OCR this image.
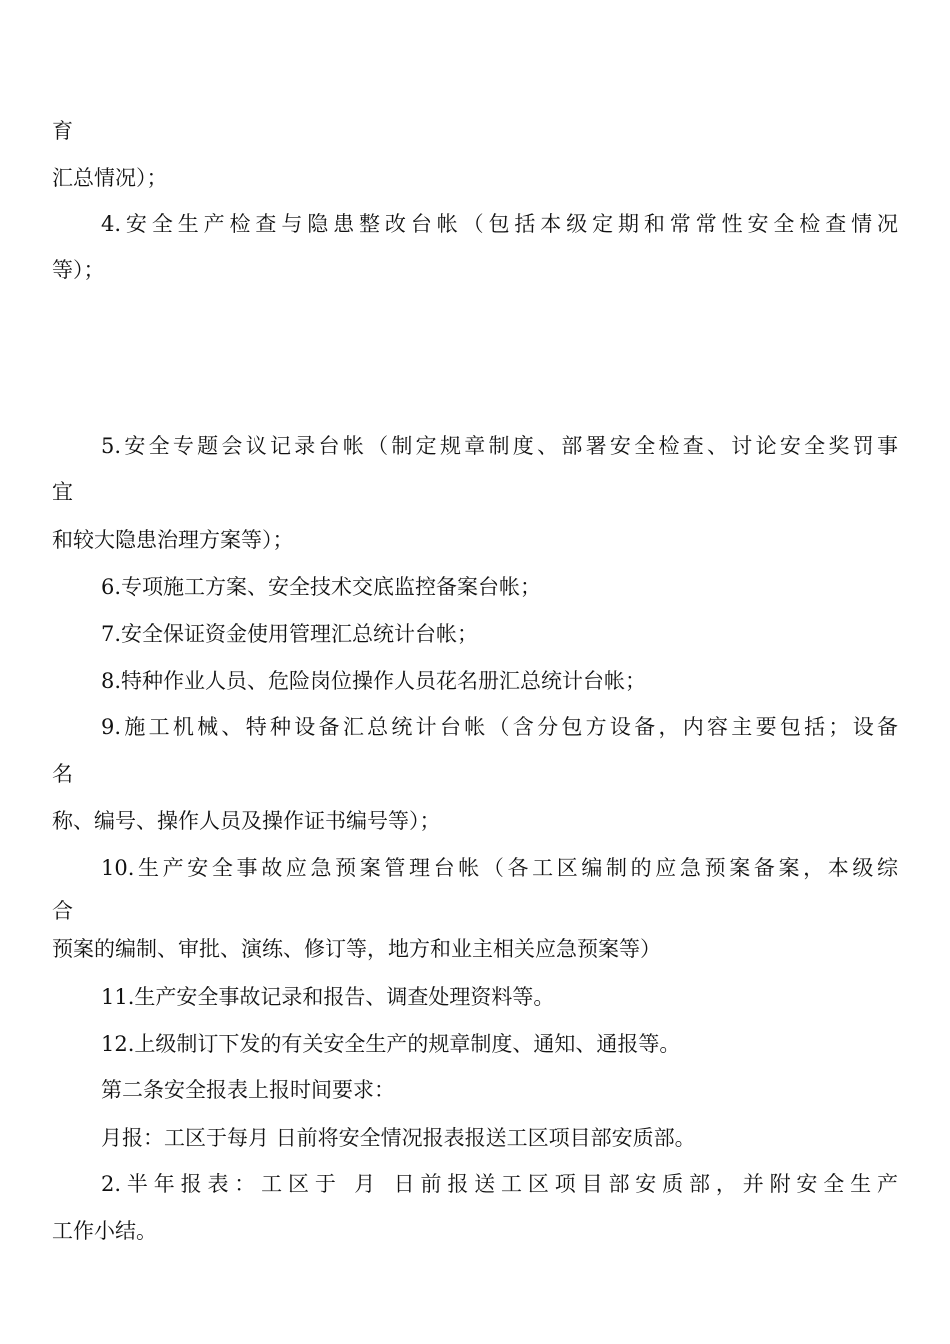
育
汇总情况）；
4.安全生产检查与隐患整改台帐（包括本级定期和常常性安全检查情况
等）；
5.安全专题会议记录台帐（制定规章制度、部署安全检查、讨论安全奖罚事
宜
和较大隐患治理方案等）；
6.专项施工方案、安全技术交底监控备案台帐；
7.安全保证资金使用管理汇总统计台帐；
8.特种作业人员、危险岗位操作人员花名册汇总统计台帐；
9.施工机械、特种设备汇总统计台帐（含分包方设备，内容主要包括；设备
名
称、编号、操作人员及操作证书编号等）；
10.生产安全事故应急预案管理台帐（各工区编制的应急预案备案，本级综
合
预案的编制、审批、演练、修订等，地方和业主相关应急预案等）
11.生产安全事故记录和报告、调查处理资料等。
12.上级制订下发的有关安全生产的规章制度、通知、通报等。
第二条安全报表上报时间要求：
月报：工区于每月 日前将安全情况报表报送工区项目部安质部。
2.半年报表：工区于 月 日前报送工区项目部安质部，并附安全生产
工作小结。
